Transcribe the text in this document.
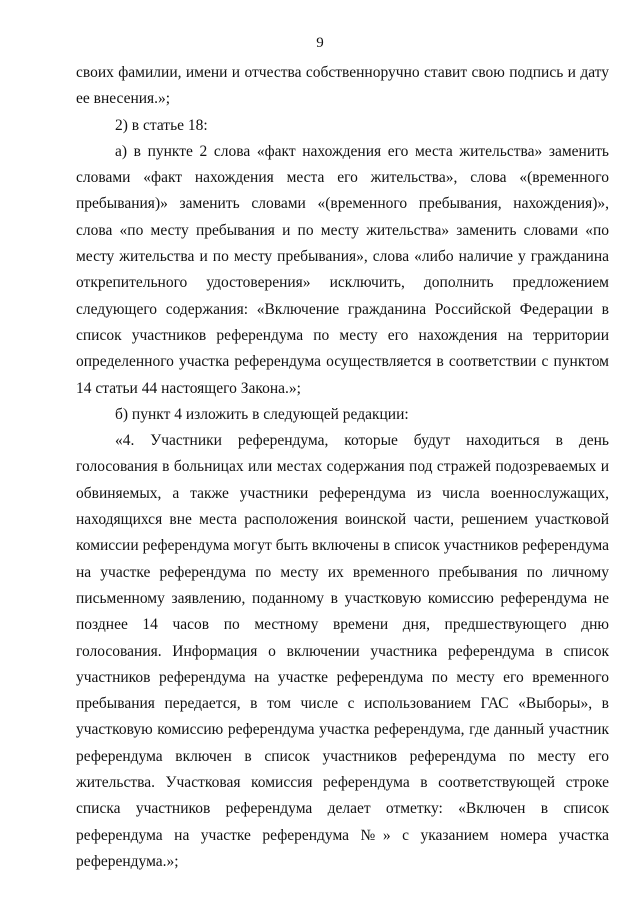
9

своих фамилии, имени и отчества собственноручно ставит свою подпись и дату ее внесения.»;

2) в статье 18:

а) в пункте 2 слова «факт нахождения его места жительства» заменить словами «факт нахождения места его жительства», слова «(временного пребывания)» заменить словами «(временного пребывания, нахождения)», слова «по месту пребывания и по месту жительства» заменить словами «по месту жительства и по месту пребывания», слова «либо наличие у гражданина открепительного удостоверения» исключить, дополнить предложением следующего содержания: «Включение гражданина Российской Федерации в список участников референдума по месту его нахождения на территории определенного участка референдума осуществляется в соответствии с пунктом 14 статьи 44 настоящего Закона.»;

б) пункт 4 изложить в следующей редакции:

«4. Участники референдума, которые будут находиться в день голосования в больницах или местах содержания под стражей подозреваемых и обвиняемых, а также участники референдума из числа военнослужащих, находящихся вне места расположения воинской части, решением участковой комиссии референдума могут быть включены в список участников референдума на участке референдума по месту их временного пребывания по личному письменному заявлению, поданному в участковую комиссию референдума не позднее 14 часов по местному времени дня, предшествующего дню голосования. Информация о включении участника референдума в список участников референдума на участке референдума по месту его временного пребывания передается, в том числе с использованием ГАС «Выборы», в участковую комиссию референдума участка референдума, где данный участник референдума включен в список участников референдума по месту его жительства. Участковая комиссия референдума в соответствующей строке списка участников референдума делает отметку: «Включен в список референдума на участке референдума №» с указанием номера участка референдума.»;
